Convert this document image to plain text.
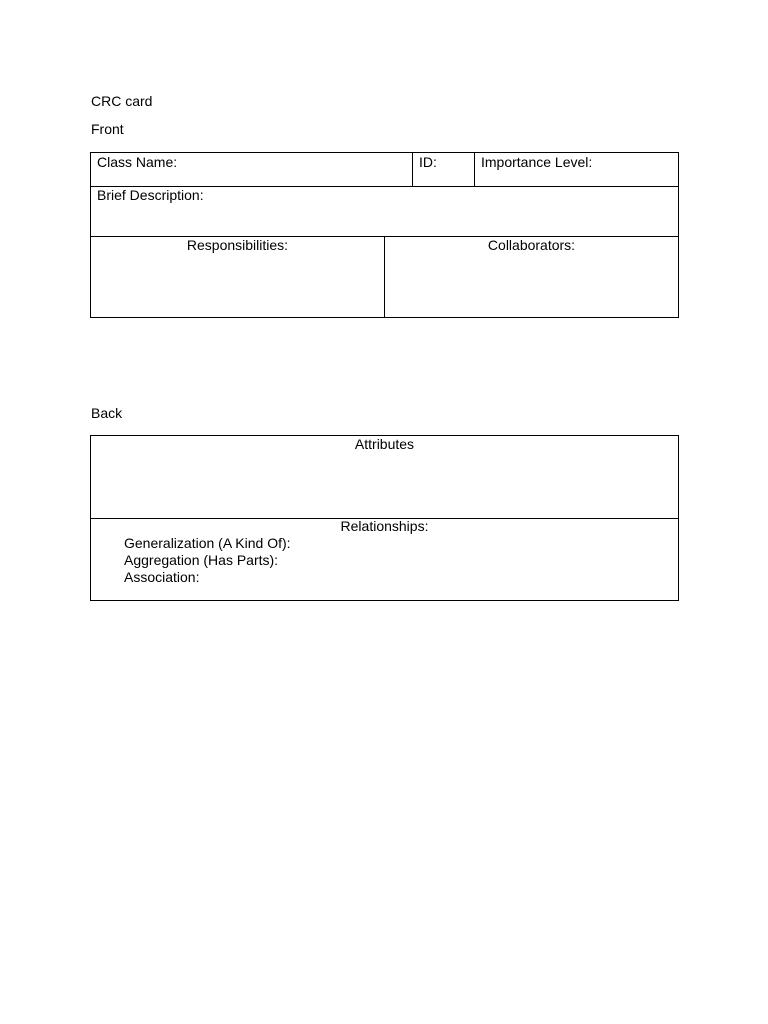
CRC card
Front
Class Name:	ID:	Importance Level:
Brief Description:
Responsibilities:	Collaborators:
Back
Attributes
Relationships:
Generalization (A Kind Of):
Aggregation (Has Parts):
Association:
